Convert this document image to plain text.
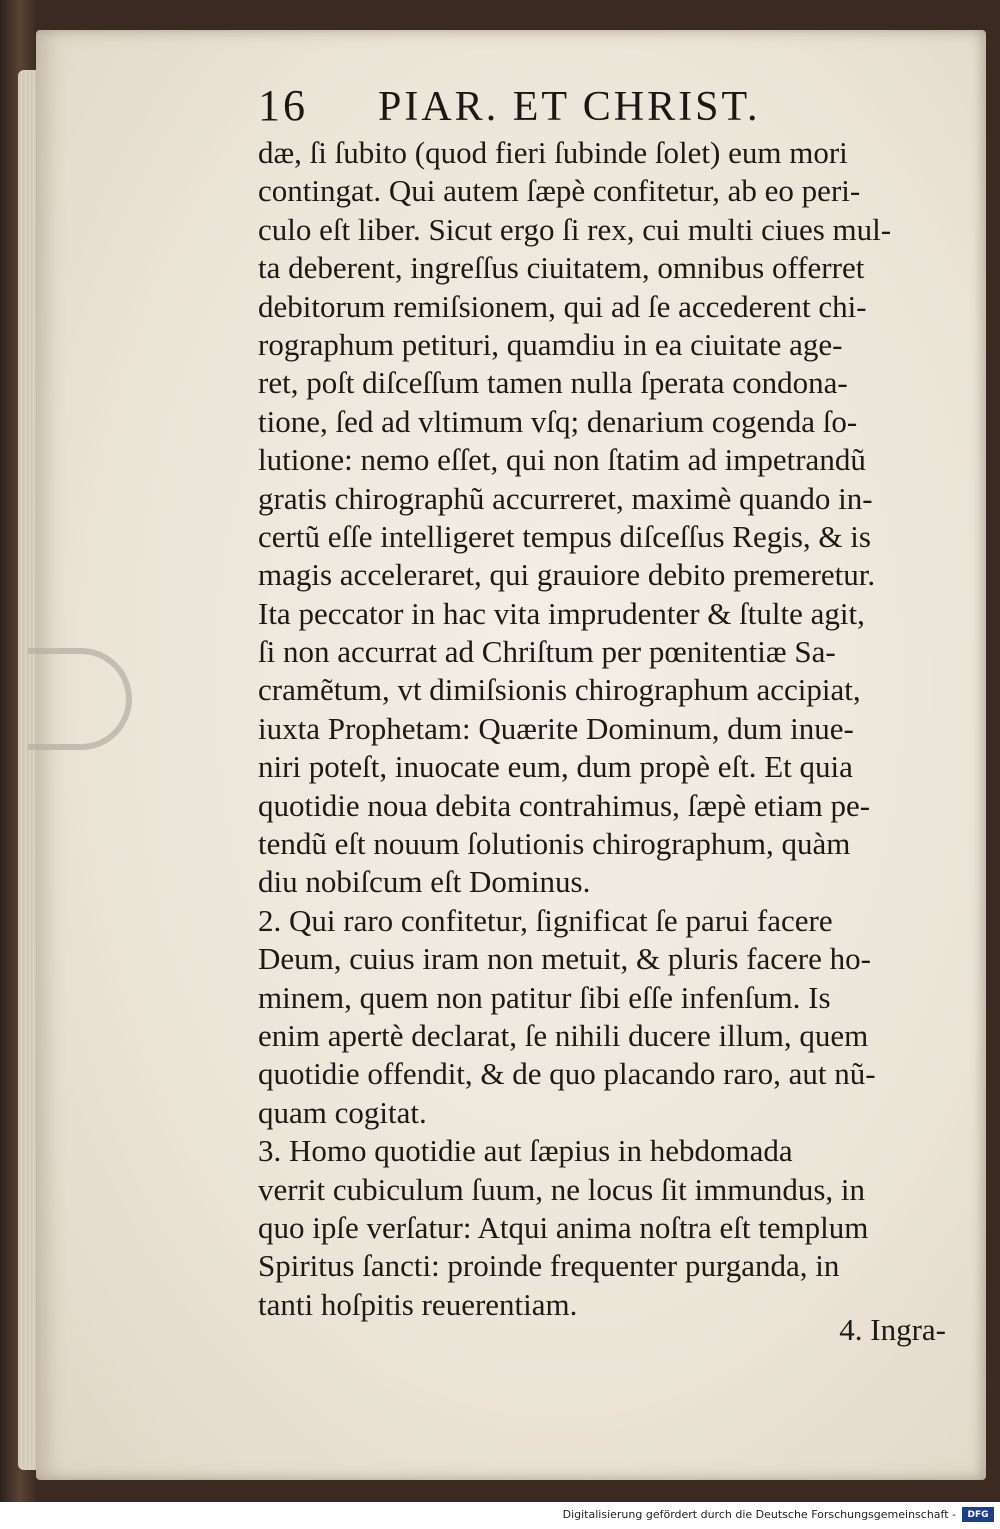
16 PIAR. ET CHRIST.
dæ, ſi ſubito (quod fieri ſubinde ſolet) eum mori
contingat. Qui autem ſæpè confitetur, ab eo peri-
culo eſt liber. Sicut ergo ſi rex, cui multi ciues mul-
ta deberent, ingreſſus ciuitatem, omnibus offerret
debitorum remiſsionem, qui ad ſe accederent chi-
rographum petituri, quamdiu in ea ciuitate age-
ret, poſt diſceſſum tamen nulla ſperata condona-
tione, ſed ad vltimum vſq; denarium cogenda ſo-
lutione: nemo eſſet, qui non ſtatim ad impetrandũ
gratis chirographũ accurreret, maximè quando in-
certũ eſſe intelligeret tempus diſceſſus Regis, & is
magis acceleraret, qui grauiore debito premeretur.
Ita peccator in hac vita imprudenter & ſtulte agit,
ſi non accurrat ad Chriſtum per pœnitentiæ Sa-
cramẽtum, vt dimiſsionis chirographum accipiat,
iuxta Prophetam: Quærite Dominum, dum inue-
niri poteſt, inuocate eum, dum propè eſt. Et quia
quotidie noua debita contrahimus, ſæpè etiam pe-
tendũ eſt nouum ſolutionis chirographum, quàm
diu nobiſcum eſt Dominus.
2. Qui raro confitetur, ſignificat ſe parui facere
Deum, cuius iram non metuit, & pluris facere ho-
minem, quem non patitur ſibi eſſe infenſum. Is
enim apertè declarat, ſe nihili ducere illum, quem
quotidie offendit, & de quo placando raro, aut nũ-
quam cogitat.
3. Homo quotidie aut ſæpius in hebdomada
verrit cubiculum ſuum, ne locus ſit immundus, in
quo ipſe verſatur: Atqui anima noſtra eſt templum
Spiritus ſancti: proinde frequenter purganda, in
tanti hoſpitis reuerentiam.
4. Ingra-
Digitalisierung gefördert durch die Deutsche Forschungsgemeinschaft -	DFG
